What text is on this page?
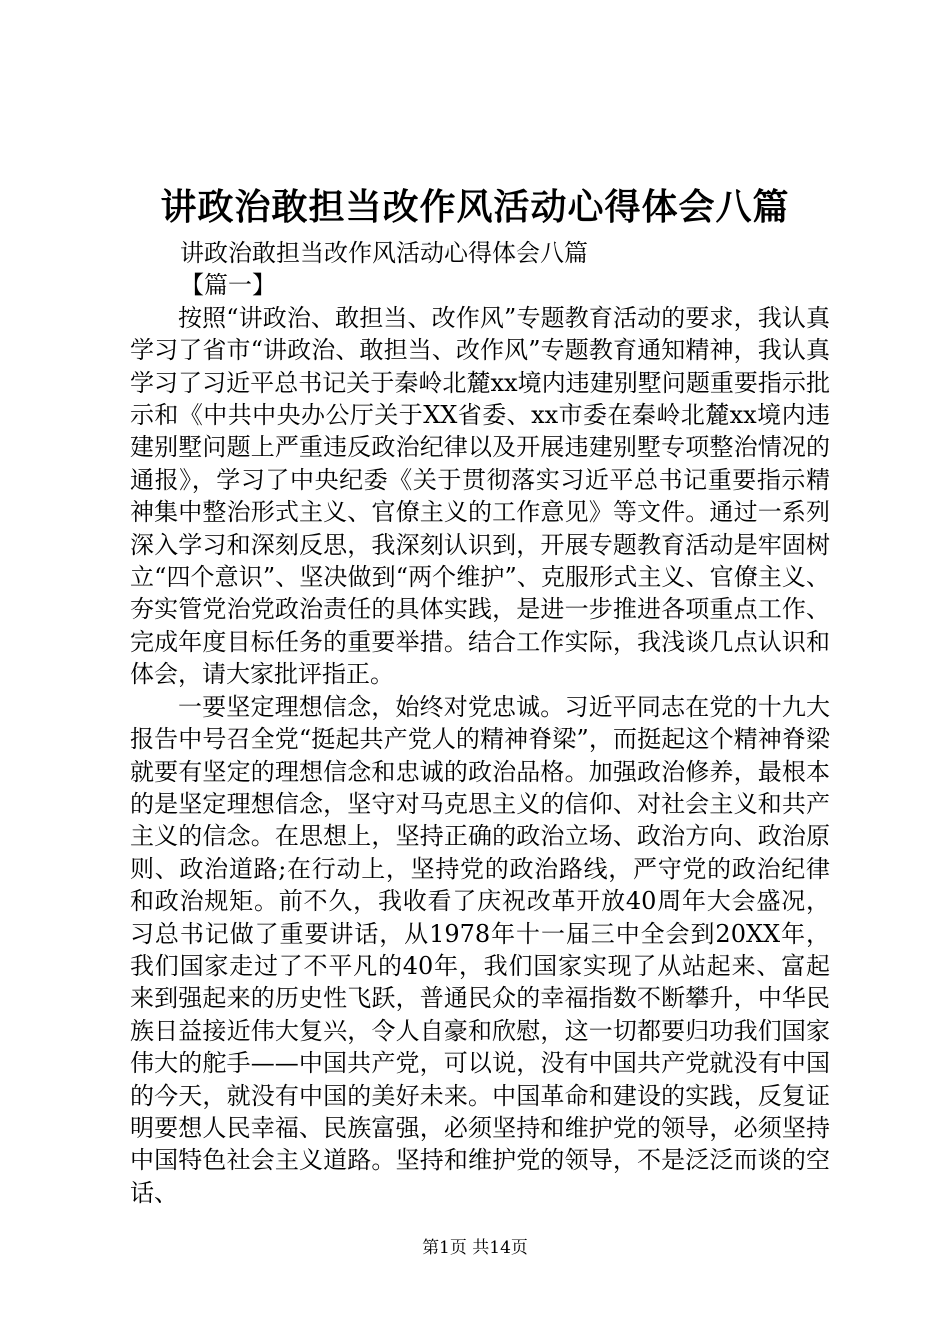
讲政治敢担当改作风活动心得体会八篇

讲政治敢担当改作风活动心得体会八篇

【篇一】

按照“讲政治、敢担当、改作风”专题教育活动的要求，我认真学习了省市“讲政治、敢担当、改作风”专题教育通知精神，我认真学习了习近平总书记关于秦岭北麓xx境内违建别墅问题重要指示批示和《中共中央办公厅关于XX省委、xx市委在秦岭北麓xx境内违建别墅问题上严重违反政治纪律以及开展违建别墅专项整治情况的通报》，学习了中央纪委《关于贯彻落实习近平总书记重要指示精神集中整治形式主义、官僚主义的工作意见》等文件。通过一系列深入学习和深刻反思，我深刻认识到，开展专题教育活动是牢固树立“四个意识”、坚决做到“两个维护”、克服形式主义、官僚主义、夯实管党治党政治责任的具体实践，是进一步推进各项重点工作、完成年度目标任务的重要举措。结合工作实际，我浅谈几点认识和体会，请大家批评指正。

一要坚定理想信念，始终对党忠诚。习近平同志在党的十九大报告中号召全党“挺起共产党人的精神脊梁”，而挺起这个精神脊梁就要有坚定的理想信念和忠诚的政治品格。加强政治修养，最根本的是坚定理想信念，坚守对马克思主义的信仰、对社会主义和共产主义的信念。在思想上，坚持正确的政治立场、政治方向、政治原则、政治道路;在行动上，坚持党的政治路线，严守党的政治纪律和政治规矩。前不久，我收看了庆祝改革开放40周年大会盛况，习总书记做了重要讲话，从1978年十一届三中全会到20XX年，我们国家走过了不平凡的40年，我们国家实现了从站起来、富起来到强起来的历史性飞跃，普通民众的幸福指数不断攀升，中华民族日益接近伟大复兴，令人自豪和欣慰，这一切都要归功我们国家伟大的舵手——中国共产党，可以说，没有中国共产党就没有中国的今天，就没有中国的美好未来。中国革命和建设的实践，反复证明要想人民幸福、民族富强，必须坚持和维护党的领导，必须坚持中国特色社会主义道路。坚持和维护党的领导，不是泛泛而谈的空话、

第1页 共14页
